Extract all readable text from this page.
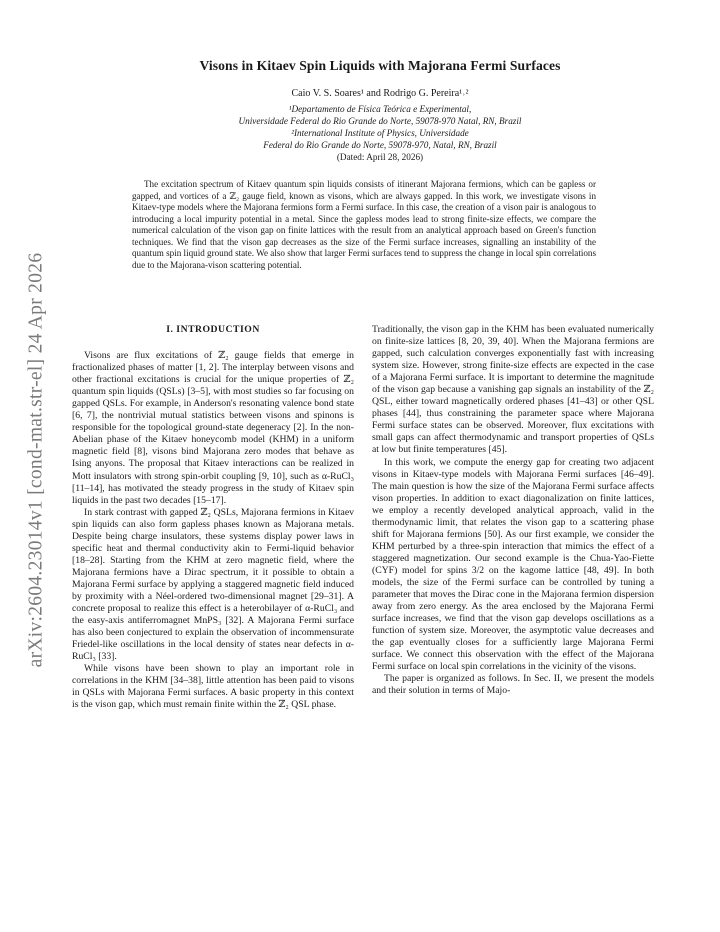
arXiv:2604.23014v1 [cond-mat.str-el] 24 Apr 2026
Visons in Kitaev Spin Liquids with Majorana Fermi Surfaces
Caio V. S. Soares¹ and Rodrigo G. Pereira¹˒²
¹Departamento de Física Teórica e Experimental,
Universidade Federal do Rio Grande do Norte, 59078-970 Natal, RN, Brazil
²International Institute of Physics, Universidade
Federal do Rio Grande do Norte, 59078-970, Natal, RN, Brazil
(Dated: April 28, 2026)

The excitation spectrum of Kitaev quantum spin liquids consists of itinerant Majorana fermions, which can be gapless or gapped, and vortices of a ℤ₂ gauge field, known as visons, which are always gapped. In this work, we investigate visons in Kitaev-type models where the Majorana fermions form a Fermi surface. In this case, the creation of a vison pair is analogous to introducing a local impurity potential in a metal. Since the gapless modes lead to strong finite-size effects, we compare the numerical calculation of the vison gap on finite lattices with the result from an analytical approach based on Green's function techniques. We find that the vison gap decreases as the size of the Fermi surface increases, signalling an instability of the quantum spin liquid ground state. We also show that larger Fermi surfaces tend to suppress the change in local spin correlations due to the Majorana-vison scattering potential.

I. INTRODUCTION

Visons are flux excitations of ℤ₂ gauge fields that emerge in fractionalized phases of matter [1, 2]. The interplay between visons and other fractional excitations is crucial for the unique properties of ℤ₂ quantum spin liquids (QSLs) [3–5], with most studies so far focusing on gapped QSLs. For example, in Anderson's resonating valence bond state [6, 7], the nontrivial mutual statistics between visons and spinons is responsible for the topological ground-state degeneracy [2]. In the non-Abelian phase of the Kitaev honeycomb model (KHM) in a uniform magnetic field [8], visons bind Majorana zero modes that behave as Ising anyons. The proposal that Kitaev interactions can be realized in Mott insulators with strong spin-orbit coupling [9, 10], such as α-RuCl₃ [11–14], has motivated the steady progress in the study of Kitaev spin liquids in the past two decades [15–17].

In stark contrast with gapped ℤ₂ QSLs, Majorana fermions in Kitaev spin liquids can also form gapless phases known as Majorana metals. Despite being charge insulators, these systems display power laws in specific heat and thermal conductivity akin to Fermi-liquid behavior [18–28]. Starting from the KHM at zero magnetic field, where the Majorana fermions have a Dirac spectrum, it it possible to obtain a Majorana Fermi surface by applying a staggered magnetic field induced by proximity with a Néel-ordered two-dimensional magnet [29–31]. A concrete proposal to realize this effect is a heterobilayer of α-RuCl₃ and the easy-axis antiferromagnet MnPS₃ [32]. A Majorana Fermi surface has also been conjectured to explain the observation of incommensurate Friedel-like oscillations in the local density of states near defects in α-RuCl₃ [33].

While visons have been shown to play an important role in correlations in the KHM [34–38], little attention has been paid to visons in QSLs with Majorana Fermi surfaces. A basic property in this context is the vison gap, which must remain finite within the ℤ₂ QSL phase.

Traditionally, the vison gap in the KHM has been evaluated numerically on finite-size lattices [8, 20, 39, 40]. When the Majorana fermions are gapped, such calculation converges exponentially fast with increasing system size. However, strong finite-size effects are expected in the case of a Majorana Fermi surface. It is important to determine the magnitude of the vison gap because a vanishing gap signals an instability of the ℤ₂ QSL, either toward magnetically ordered phases [41–43] or other QSL phases [44], thus constraining the parameter space where Majorana Fermi surface states can be observed. Moreover, flux excitations with small gaps can affect thermodynamic and transport properties of QSLs at low but finite temperatures [45].

In this work, we compute the energy gap for creating two adjacent visons in Kitaev-type models with Majorana Fermi surfaces [46–49]. The main question is how the size of the Majorana Fermi surface affects vison properties. In addition to exact diagonalization on finite lattices, we employ a recently developed analytical approach, valid in the thermodynamic limit, that relates the vison gap to a scattering phase shift for Majorana fermions [50]. As our first example, we consider the KHM perturbed by a three-spin interaction that mimics the effect of a staggered magnetization. Our second example is the Chua-Yao-Fiette (CYF) model for spins 3/2 on the kagome lattice [48, 49]. In both models, the size of the Fermi surface can be controlled by tuning a parameter that moves the Dirac cone in the Majorana fermion dispersion away from zero energy. As the area enclosed by the Majorana Fermi surface increases, we find that the vison gap develops oscillations as a function of system size. Moreover, the asymptotic value decreases and the gap eventually closes for a sufficiently large Majorana Fermi surface. We connect this observation with the effect of the Majorana Fermi surface on local spin correlations in the vicinity of the visons.

The paper is organized as follows. In Sec. II, we present the models and their solution in terms of Majo-
